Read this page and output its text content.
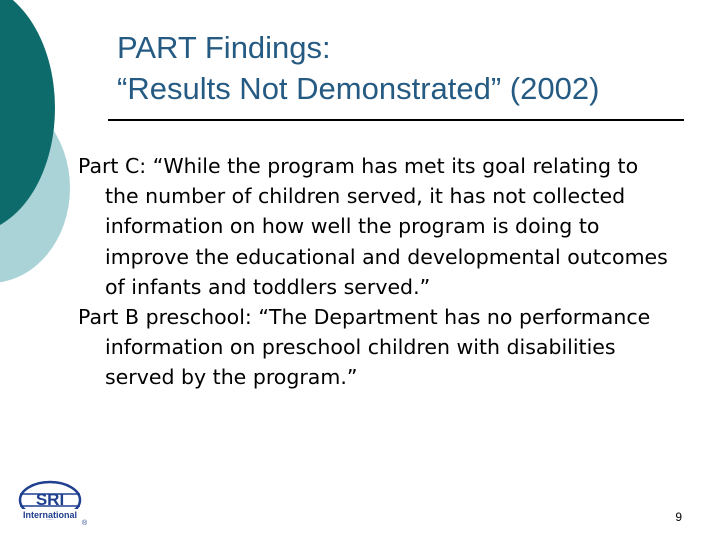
PART Findings:
“Results Not Demonstrated” (2002)

Part C: “While the program has met its goal relating to the number of children served, it has not collected information on how well the program is doing to improve the educational and developmental outcomes of infants and toddlers served.”

Part B preschool: “The Department has no performance information on preschool children with disabilities served by the program.”

SRI
International
®	9
